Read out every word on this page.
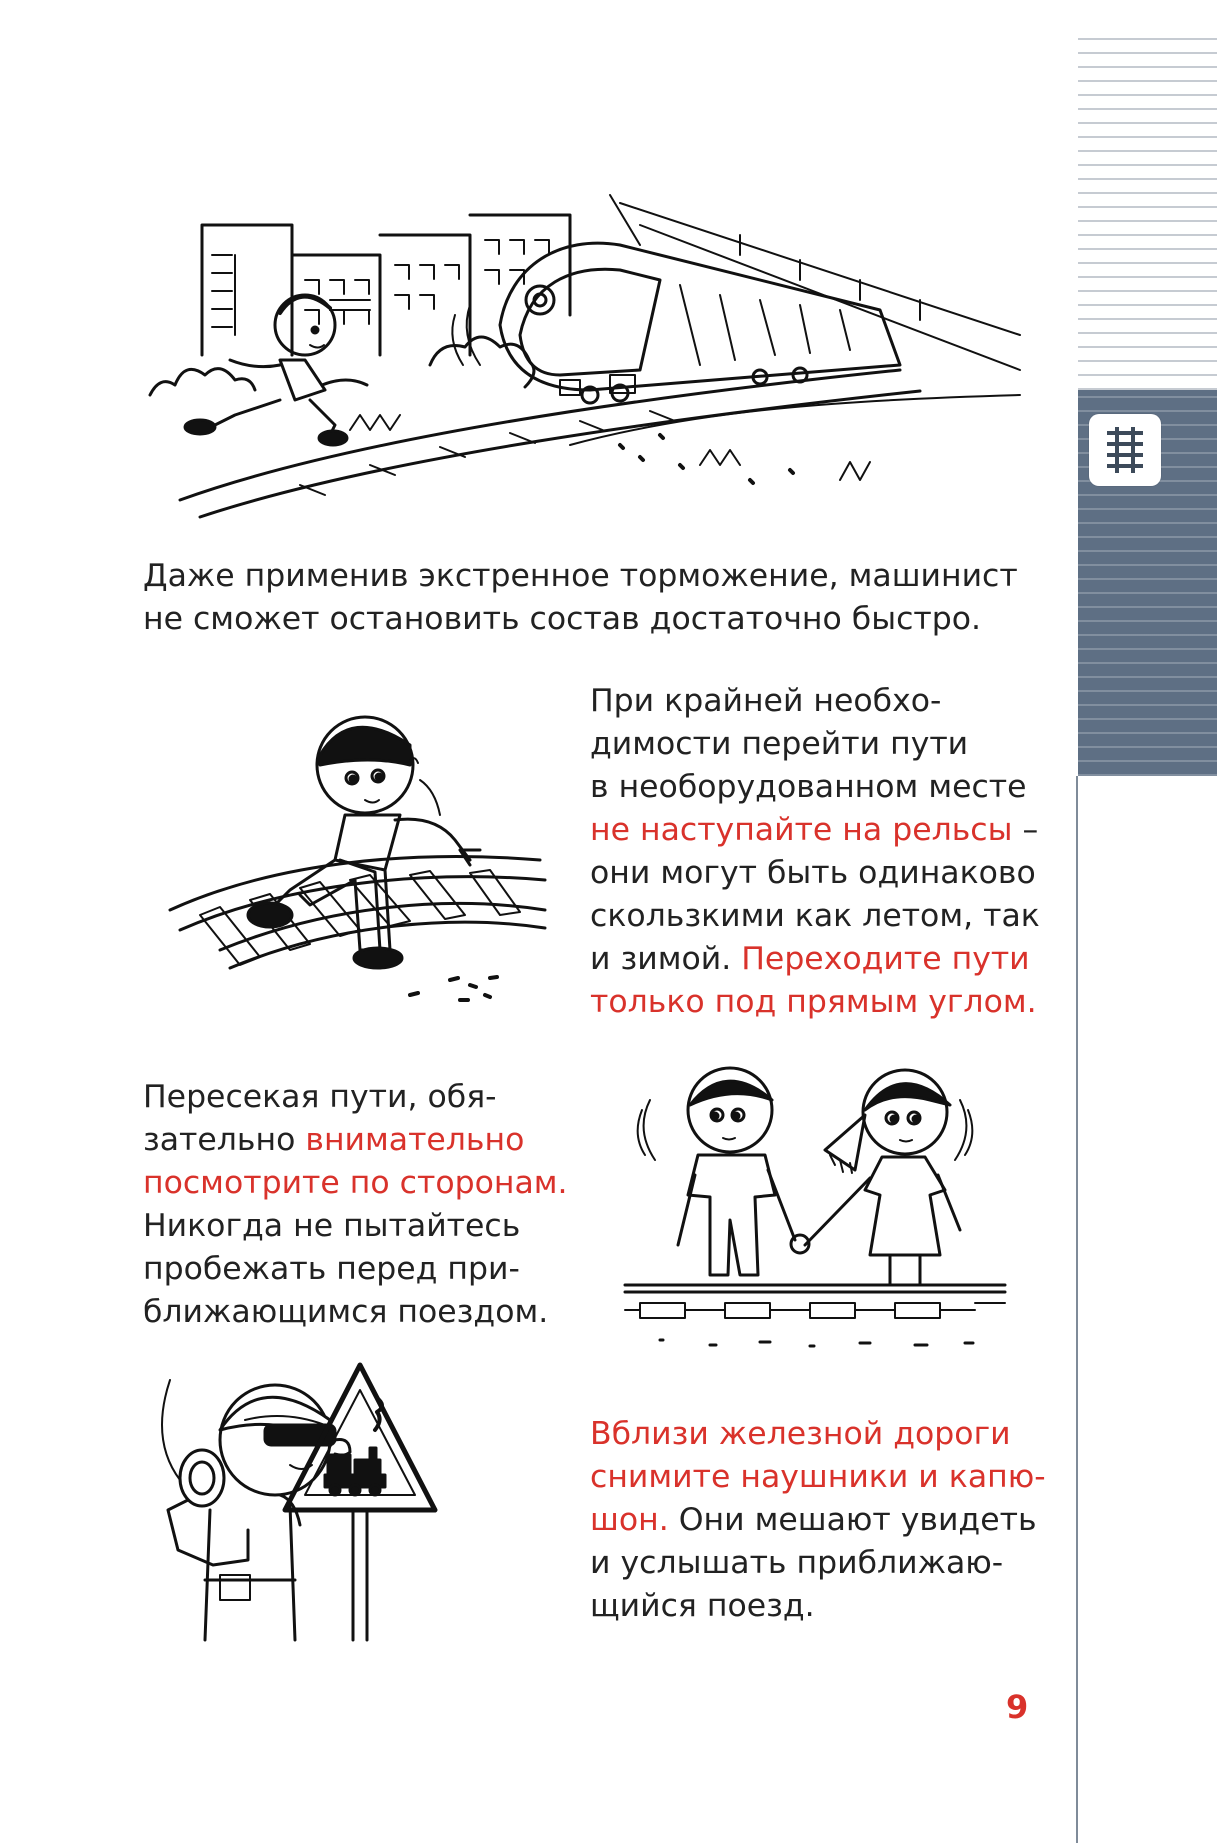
Даже применив экстренное торможение, машинист
не сможет остановить состав достаточно быстро.

При крайней необхо-
димости перейти пути
в необорудованном месте
не наступайте на рельсы –
они могут быть одинаково
скользкими как летом, так
и зимой. Переходите пути
только под прямым углом.

Пересекая пути, обя-
зательно внимательно
посмотрите по сторонам.
Никогда не пытайтесь
пробежать перед при-
ближающимся поездом.

Вблизи железной дороги
снимите наушники и капю-
шон. Они мешают увидеть
и услышать приближаю-
щийся поезд.

9
